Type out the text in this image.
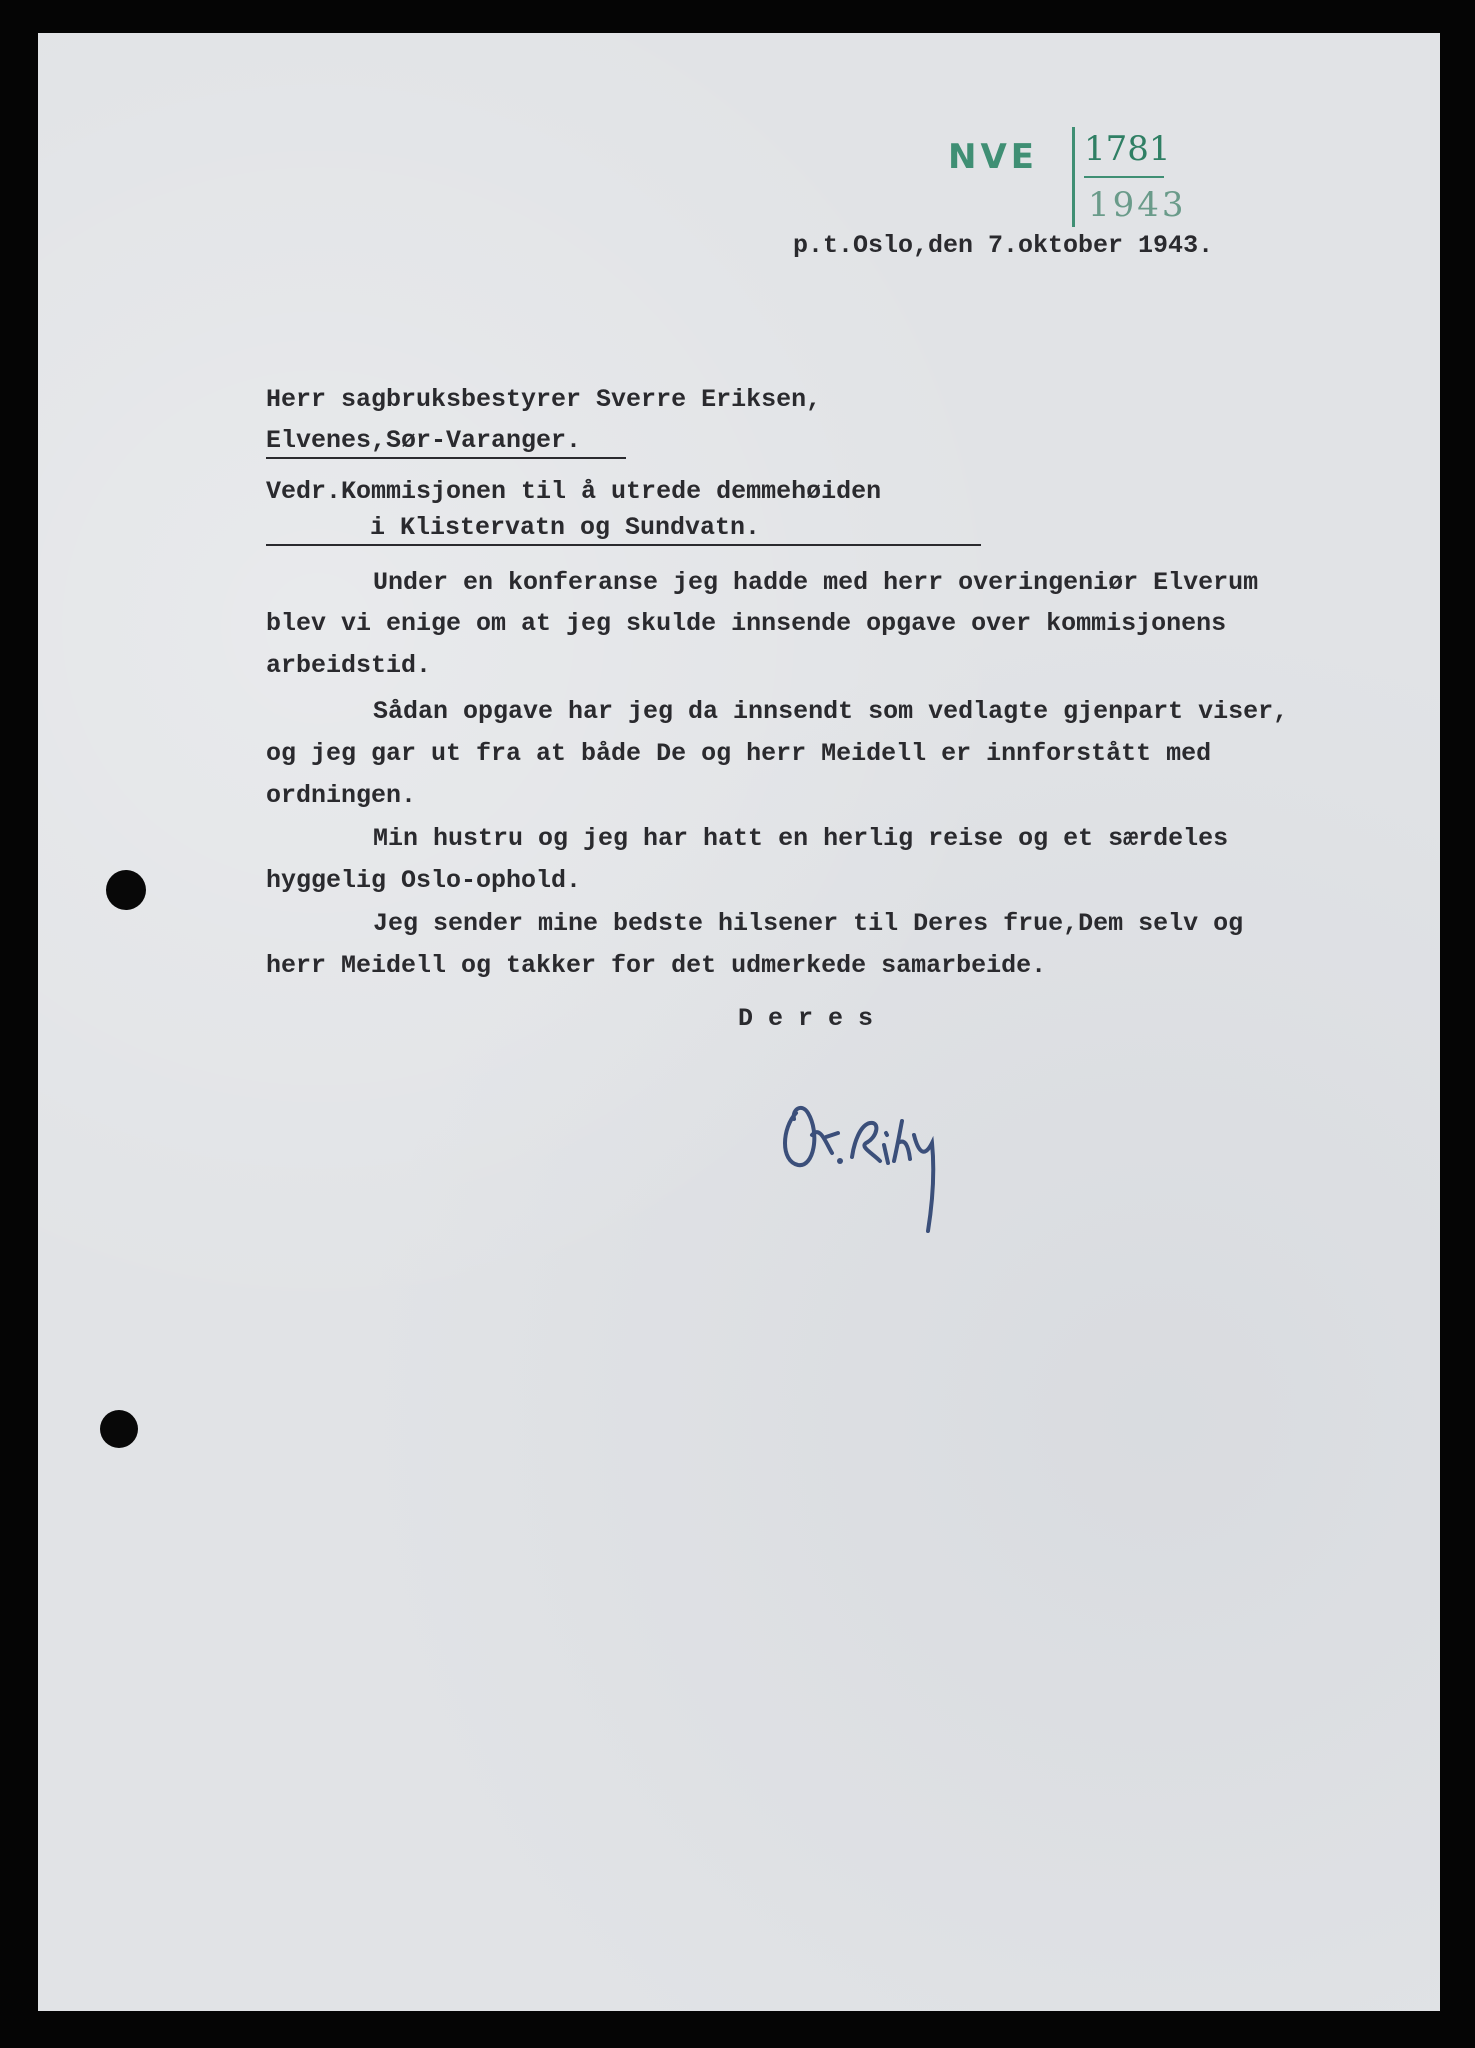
NVE 1781
1943
p.t.Oslo,den 7.oktober 1943.
Herr sagbruksbestyrer Sverre Eriksen,
Elvenes,Sør-Varanger.
Vedr.Kommisjonen til å utrede demmehøiden
i Klistervatn og Sundvatn.
Under en konferanse jeg hadde med herr overingeniør Elverum
blev vi enige om at jeg skulde innsende opgave over kommisjonens
arbeidstid.
Sådan opgave har jeg da innsendt som vedlagte gjenpart viser,
og jeg gar ut fra at både De og herr Meidell er innforstått med
ordningen.
Min hustru og jeg har hatt en herlig reise og et særdeles
hyggelig Oslo-ophold.
Jeg sender mine bedste hilsener til Deres frue,Dem selv og
herr Meidell og takker for det udmerkede samarbeide.
D e r e s
